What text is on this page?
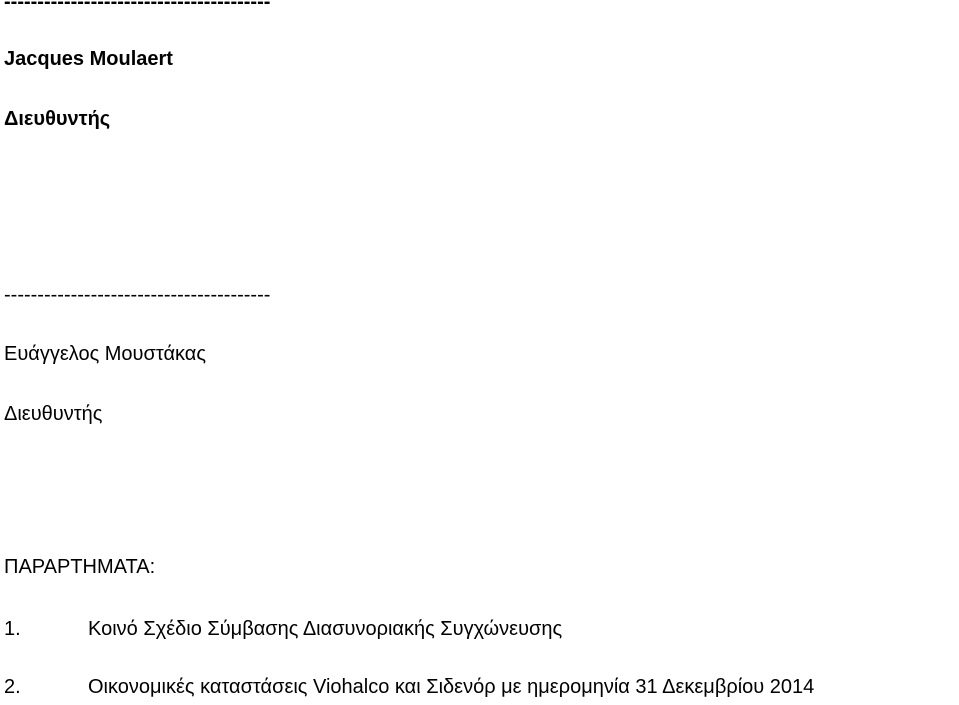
----------------------------------------
Jacques Moulaert
Διευθυντής
----------------------------------------
Ευάγγελος Μουστάκας
Διευθυντής
ΠΑΡΑΡΤΗΜΑΤΑ:
1.	Κοινό Σχέδιο Σύμβασης Διασυνοριακής Συγχώνευσης
2.	Οικονομικές καταστάσεις Viohalco και Σιδενόρ με ημερομηνία 31 Δεκεμβρίου 2014
